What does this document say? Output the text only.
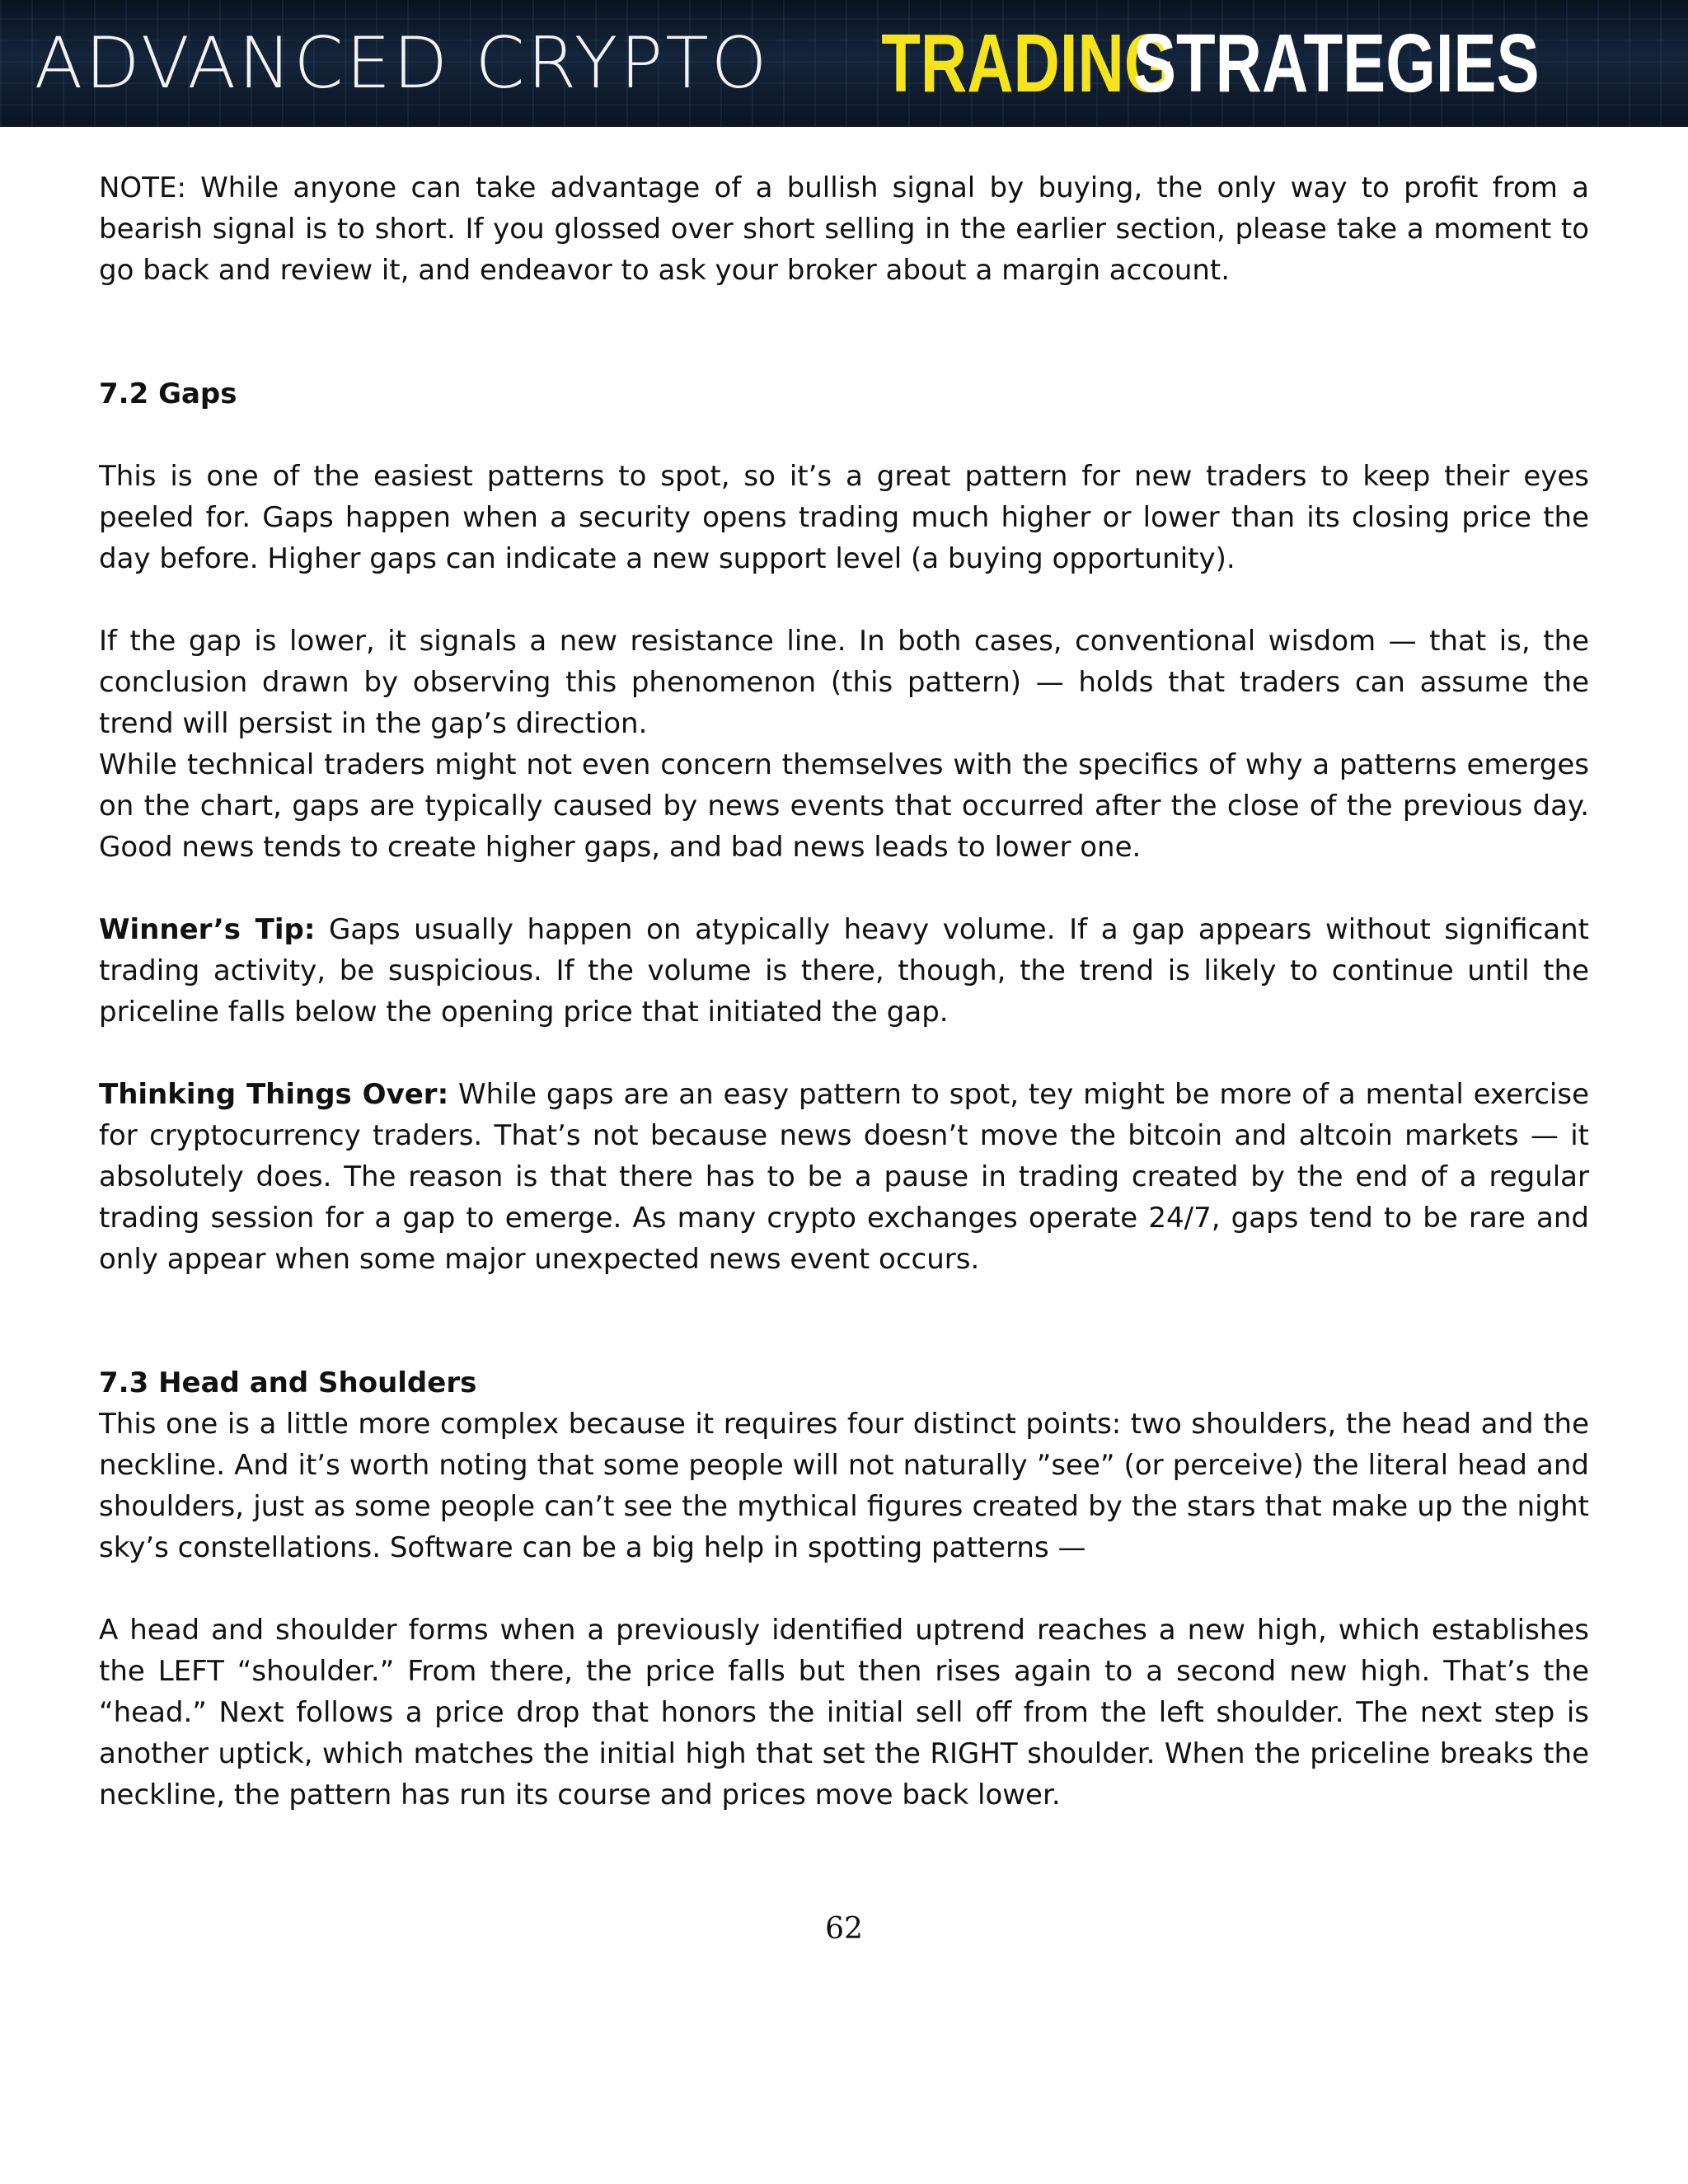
ADVANCED CRYPTO TRADING
STRATEGIES

NOTE: While anyone can take advantage of a bullish signal by buying, the only way to profit from a bearish signal is to short. If you glossed over short selling in the earlier section, please take a moment to go back and review it, and endeavor to ask your broker about a margin account.

7.2 Gaps

This is one of the easiest patterns to spot, so it’s a great pattern for new traders to keep their eyes peeled for. Gaps happen when a security opens trading much higher or lower than its closing price the day before. Higher gaps can indicate a new support level (a buying opportunity).

If the gap is lower, it signals a new resistance line. In both cases, conventional wisdom — that is, the conclusion drawn by observing this phenomenon (this pattern) — holds that traders can assume the trend will persist in the gap’s direction.

While technical traders might not even concern themselves with the specifics of why a patterns emerges on the chart, gaps are typically caused by news events that occurred after the close of the previous day. Good news tends to create higher gaps, and bad news leads to lower one.

Winner’s Tip: Gaps usually happen on atypically heavy volume. If a gap appears without significant trading activity, be suspicious. If the volume is there, though, the trend is likely to continue until the priceline falls below the opening price that initiated the gap.

Thinking Things Over: While gaps are an easy pattern to spot, tey might be more of a mental exercise for cryptocurrency traders. That’s not because news doesn’t move the bitcoin and altcoin markets — it absolutely does. The reason is that there has to be a pause in trading created by the end of a regular trading session for a gap to emerge. As many crypto exchanges operate 24/7, gaps tend to be rare and only appear when some major unexpected news event occurs.

7.3 Head and Shoulders

This one is a little more complex because it requires four distinct points: two shoulders, the head and the neckline. And it’s worth noting that some people will not naturally ”see” (or perceive) the literal head and shoulders, just as some people can’t see the mythical figures created by the stars that make up the night sky’s constellations. Software can be a big help in spotting patterns —

A head and shoulder forms when a previously identified uptrend reaches a new high, which establishes the LEFT “shoulder.” From there, the price falls but then rises again to a second new high. That’s the “head.” Next follows a price drop that honors the initial sell off from the left shoulder. The next step is another uptick, which matches the initial high that set the RIGHT shoulder. When the priceline breaks the neckline, the pattern has run its course and prices move back lower.

62
